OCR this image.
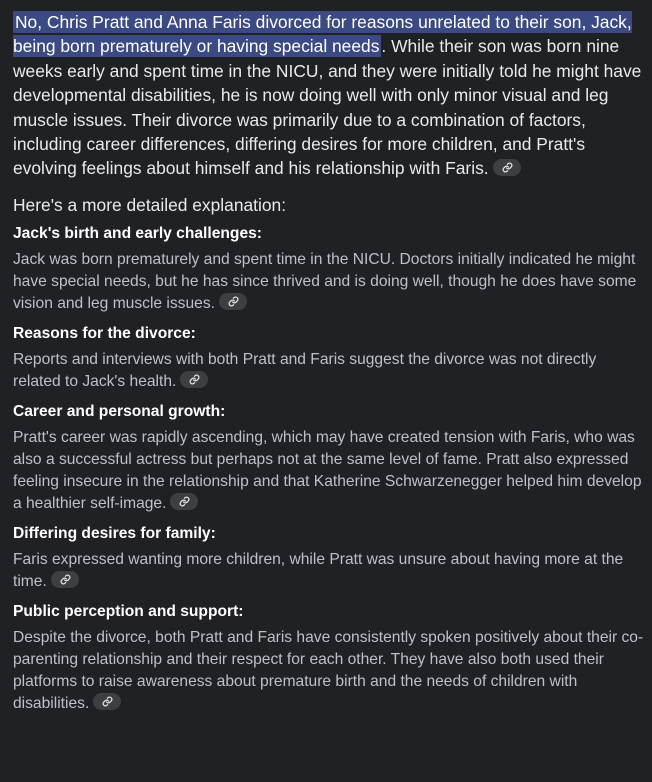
No, Chris Pratt and Anna Faris divorced for reasons unrelated to their son, Jack, being born prematurely or having special needs . While their son was born nine weeks early and spent time in the NICU, and they were initially told he might have developmental disabilities, he is now doing well with only minor visual and leg muscle issues. Their divorce was primarily due to a combination of factors, including career differences, differing desires for more children, and Pratt's evolving feelings about himself and his relationship with Faris.

Here's a more detailed explanation:

Jack's birth and early challenges:

Jack was born prematurely and spent time in the NICU. Doctors initially indicated he might have special needs, but he has since thrived and is doing well, though he does have some vision and leg muscle issues.

Reasons for the divorce:

Reports and interviews with both Pratt and Faris suggest the divorce was not directly related to Jack's health.

Career and personal growth:

Pratt's career was rapidly ascending, which may have created tension with Faris, who was also a successful actress but perhaps not at the same level of fame. Pratt also expressed feeling insecure in the relationship and that Katherine Schwarzenegger helped him develop a healthier self-image.

Differing desires for family:

Faris expressed wanting more children, while Pratt was unsure about having more at the time.

Public perception and support:

Despite the divorce, both Pratt and Faris have consistently spoken positively about their co-parenting relationship and their respect for each other. They have also both used their platforms to raise awareness about premature birth and the needs of children with disabilities.
